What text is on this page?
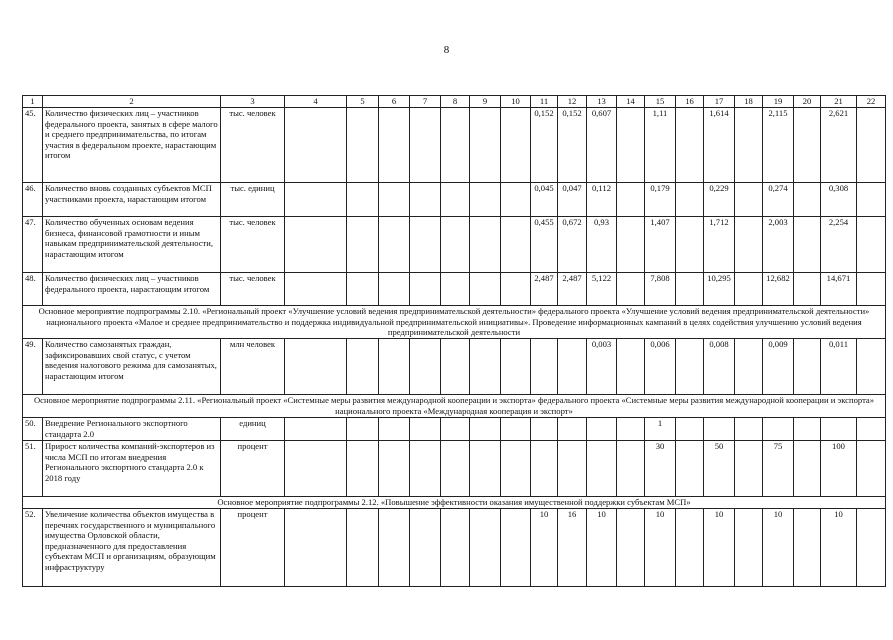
8
1	2	3	4	5	6	7	8	9	10	11	12	13	14	15	16	17	18	19	20	21	22
45.	Количество физических лиц – участников федерального проекта, занятых в сфере малого и среднего предпринимательства, по итогам участия в федеральном проекте, нарастающим итогом	тыс. человек								0,152	0,152	0,607		1,11		1,614		2,115		2,621	
46.	Количество вновь созданных субъектов МСП участниками проекта, нарастающим итогом	тыс. единиц								0,045	0,047	0,112		0,179		0,229		0,274		0,308	
47.	Количество обученных основам ведения бизнеса, финансовой грамотности и иным навыкам предпринимательской деятельности, нарастающим итогом	тыс. человек								0,455	0,672	0,93		1,407		1,712		2,003		2,254	
48.	Количество физических лиц – участников федерального проекта, нарастающим итогом	тыс. человек								2,487	2,487	5,122		7,808		10,295		12,682		14,671	
Основное мероприятие подпрограммы 2.10. «Региональный проект «Улучшение условий ведения предпринимательской деятельности» федерального проекта «Улучшение условий ведения предпринимательской деятельности» национального проекта «Малое и среднее предпринимательство и поддержка индивидуальной предпринимательской инициативы». Проведение информационных кампаний в целях содействия улучшению условий ведения предпринимательской деятельности																					
49.	Количество самозанятых граждан, зафиксировавших свой статус, с учетом введения налогового режима для самозанятых, нарастающим итогом	млн человек										0,003		0,006		0,008		0,009		0,011	
Основное мероприятие подпрограммы 2.11. «Региональный проект «Системные меры развития международной кооперации и экспорта» федерального проекта «Системные меры развития международной кооперации и экспорта» национального проекта «Международная кооперация и экспорт»																					
50.	Внедрение Регионального экспортного стандарта 2.0	единиц												1							
51.	Прирост количества компаний-экспортеров из числа МСП по итогам внедрения Регионального экспортного стандарта 2.0 к 2018 году	процент												30		50		75		100	
Основное мероприятие подпрограммы 2.12. «Повышение эффективности оказания имущественной поддержки субъектам МСП»																					
52.	Увеличение количества объектов имущества в перечнях государственного и муниципального имущества Орловской области, предназначенного для предоставления субъектам МСП и организациям, образующим инфраструктуру	процент								10	16	10		10		10		10		10	
